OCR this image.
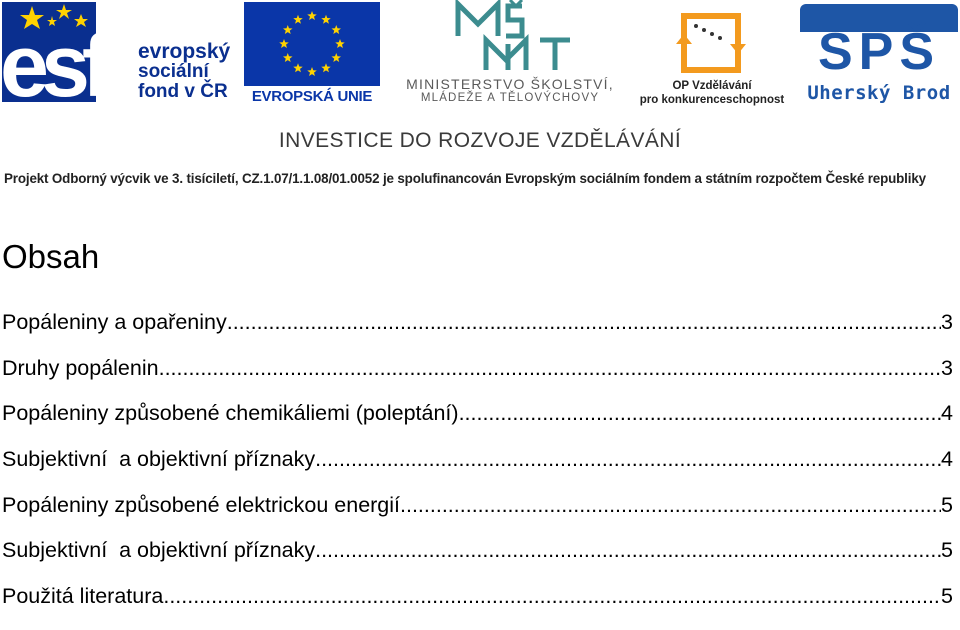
esf evropský
sociální
fond v ČR	EVROPSKÁ UNIE
MINISTERSTVO ŠKOLSTVÍ,
MLÁDEŽE A TĚLOVÝCHOVY
OP Vzdělávání
pro konkurenceschopnost
SPŠ
Uherský Brod
INVESTICE DO ROZVOJE VZDĚLÁVÁNÍ
Projekt Odborný výcvik ve 3. tisíciletí, CZ.1.07/1.1.08/01.0052 je spolufinancován Evropským sociálním fondem a státním rozpočtem České republiky
Obsah
Popáleniny a opařeniny .....	3
Druhy popálenin .....	3
Popáleniny způsobené chemikáliemi (poleptání) .....	4
Subjektivní  a objektivní příznaky .....	4
Popáleniny způsobené elektrickou energií .....	5
Subjektivní  a objektivní příznaky .....	5
Použitá literatura .....	5
